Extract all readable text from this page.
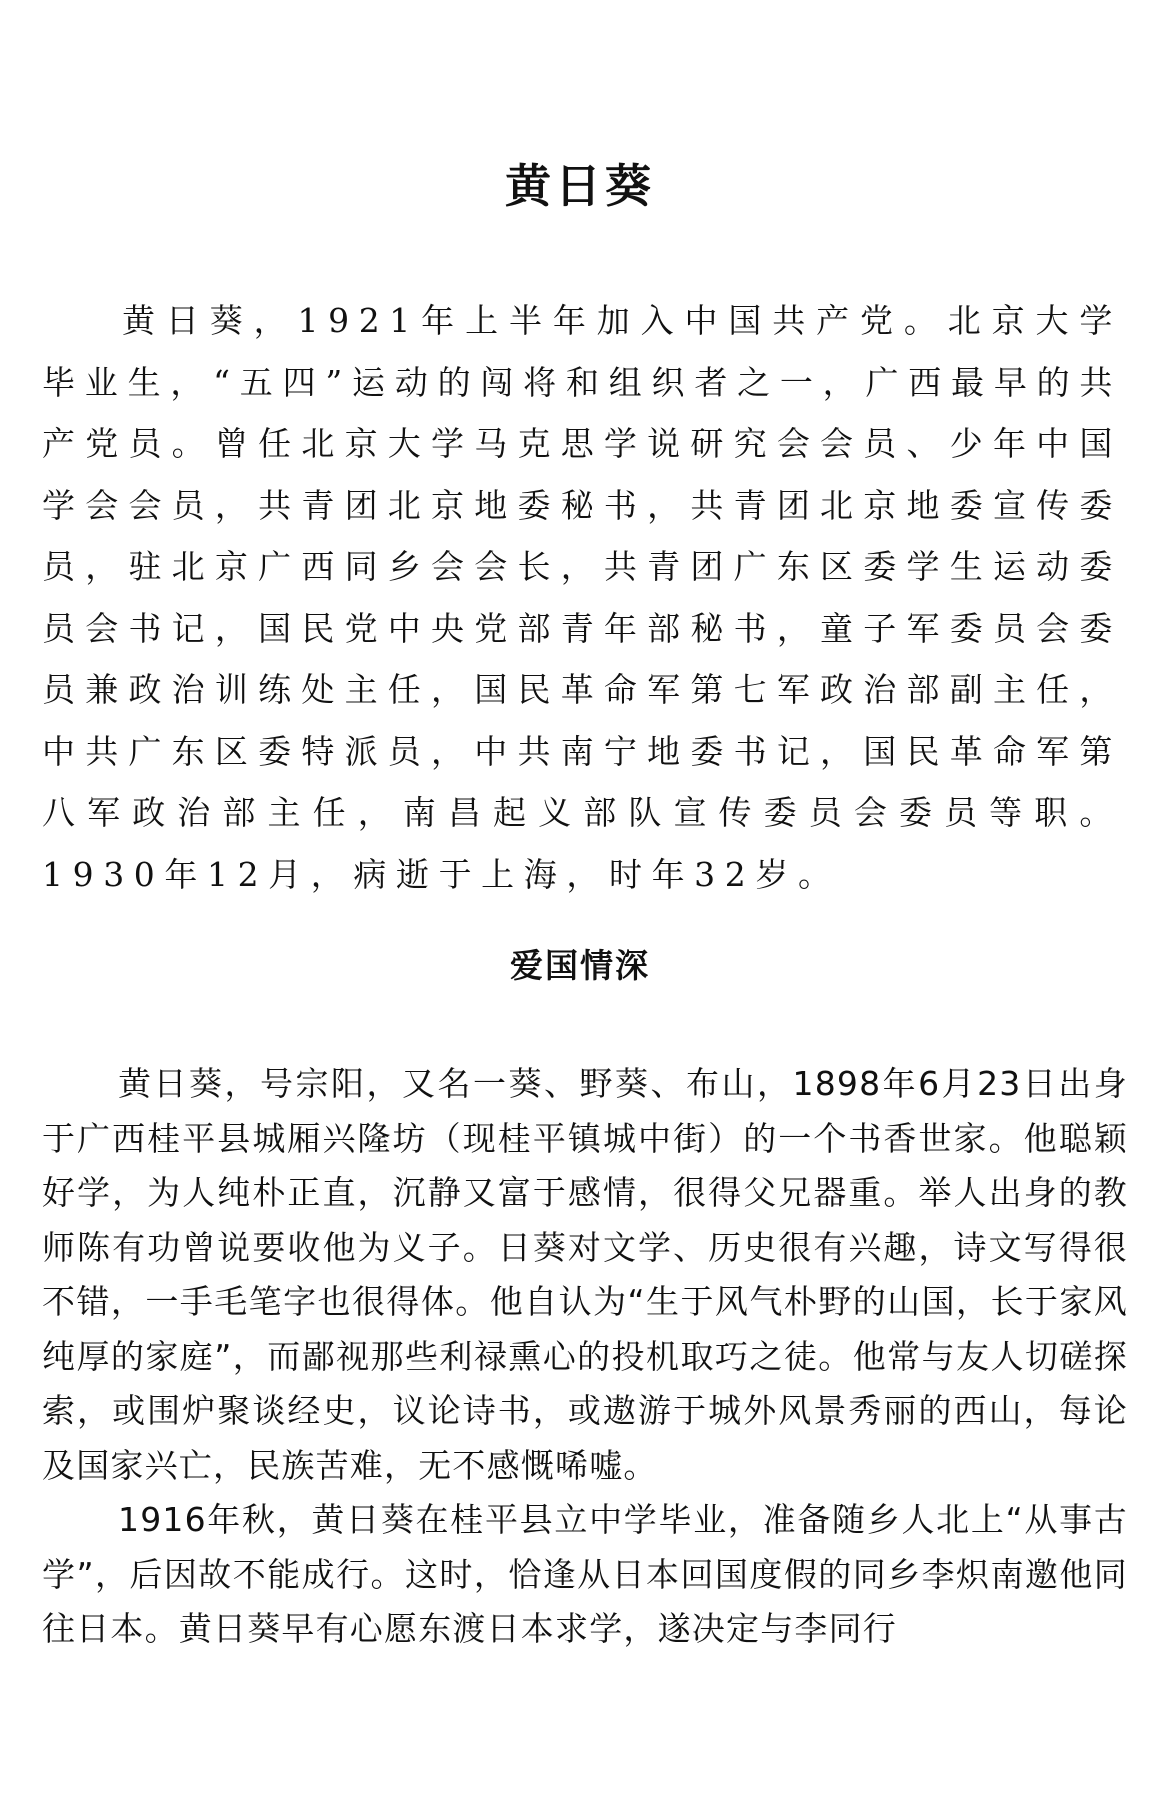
黄日葵

黄日葵，1921年上半年加入中国共产党。北京大学毕业生，“五四”运动的闯将和组织者之一，广西最早的共产党员。曾任北京大学马克思学说研究会会员、少年中国学会会员，共青团北京地委秘书，共青团北京地委宣传委员，驻北京广西同乡会会长，共青团广东区委学生运动委员会书记，国民党中央党部青年部秘书，童子军委员会委员兼政治训练处主任，国民革命军第七军政治部副主任，中共广东区委特派员，中共南宁地委书记，国民革命军第八军政治部主任，南昌起义部队宣传委员会委员等职。1930年12月，病逝于上海，时年32岁。

爱国情深

黄日葵，号宗阳，又名一葵、野葵、布山，1898年6月23日出身于广西桂平县城厢兴隆坊（现桂平镇城中街）的一个书香世家。他聪颖好学，为人纯朴正直，沉静又富于感情，很得父兄器重。举人出身的教师陈有功曾说要收他为义子。日葵对文学、历史很有兴趣，诗文写得很不错，一手毛笔字也很得体。他自认为“生于风气朴野的山国，长于家风纯厚的家庭”，而鄙视那些利禄熏心的投机取巧之徒。他常与友人切磋探索，或围炉聚谈经史，议论诗书，或遨游于城外风景秀丽的西山，每论及国家兴亡，民族苦难，无不感慨唏嘘。

1916年秋，黄日葵在桂平县立中学毕业，准备随乡人北上“从事古学”，后因故不能成行。这时，恰逢从日本回国度假的同乡李炽南邀他同往日本。黄日葵早有心愿东渡日本求学，遂决定与李同行
